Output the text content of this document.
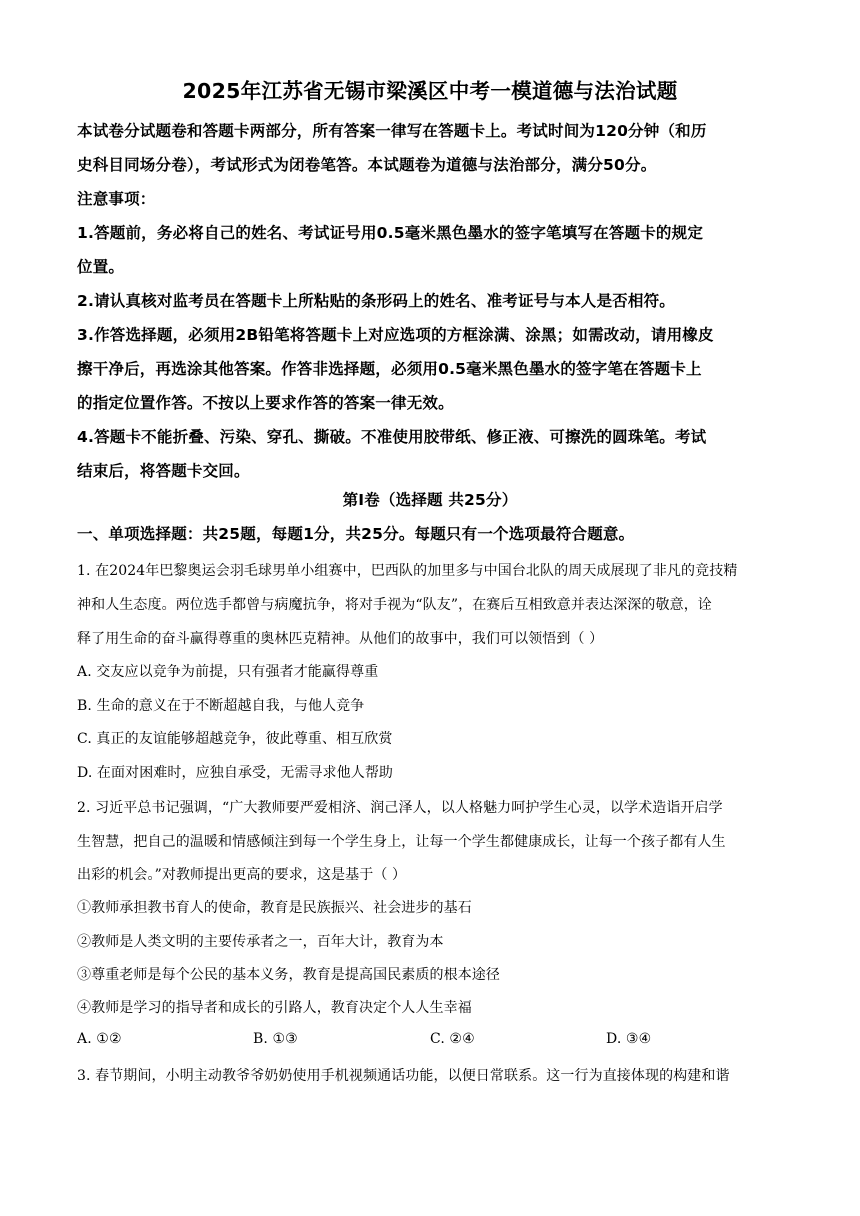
2025年江苏省无锡市梁溪区中考一模道德与法治试题
本试卷分试题卷和答题卡两部分，所有答案一律写在答题卡上。考试时间为120分钟（和历
史科目同场分卷），考试形式为闭卷笔答。本试题卷为道德与法治部分，满分50分。
注意事项：
1.答题前，务必将自己的姓名、考试证号用0.5毫米黑色墨水的签字笔填写在答题卡的规定
位置。
2.请认真核对监考员在答题卡上所粘贴的条形码上的姓名、准考证号与本人是否相符。
3.作答选择题，必须用2B铅笔将答题卡上对应选项的方框涂满、涂黑；如需改动，请用橡皮
擦干净后，再选涂其他答案。作答非选择题，必须用0.5毫米黑色墨水的签字笔在答题卡上
的指定位置作答。不按以上要求作答的答案一律无效。
4.答题卡不能折叠、污染、穿孔、撕破。不准使用胶带纸、修正液、可擦洗的圆珠笔。考试
结束后，将答题卡交回。
第Ⅰ卷（选择题 共25分）
一、单项选择题：共25题，每题1分，共25分。每题只有一个选项最符合题意。
1. 在2024年巴黎奥运会羽毛球男单小组赛中，巴西队的加里多与中国台北队的周天成展现了非凡的竞技精
神和人生态度。两位选手都曾与病魔抗争，将对手视为“队友”，在赛后互相致意并表达深深的敬意，诠
释了用生命的奋斗赢得尊重的奥林匹克精神。从他们的故事中，我们可以领悟到（ ）
A. 交友应以竞争为前提，只有强者才能赢得尊重
B. 生命的意义在于不断超越自我，与他人竞争
C. 真正的友谊能够超越竞争，彼此尊重、相互欣赏
D. 在面对困难时，应独自承受，无需寻求他人帮助
2. 习近平总书记强调，“广大教师要严爱相济、润己泽人，以人格魅力呵护学生心灵，以学术造诣开启学
生智慧，把自己的温暖和情感倾注到每一个学生身上，让每一个学生都健康成长，让每一个孩子都有人生
出彩的机会。”对教师提出更高的要求，这是基于（ ）
①教师承担教书育人的使命，教育是民族振兴、社会进步的基石
②教师是人类文明的主要传承者之一，百年大计，教育为本
③尊重老师是每个公民的基本义务，教育是提高国民素质的根本途径
④教师是学习的指导者和成长的引路人，教育决定个人人生幸福
A. ①②	B. ①③	C. ②④	D. ③④
3. 春节期间，小明主动教爷爷奶奶使用手机视频通话功能，以便日常联系。这一行为直接体现的构建和谐
